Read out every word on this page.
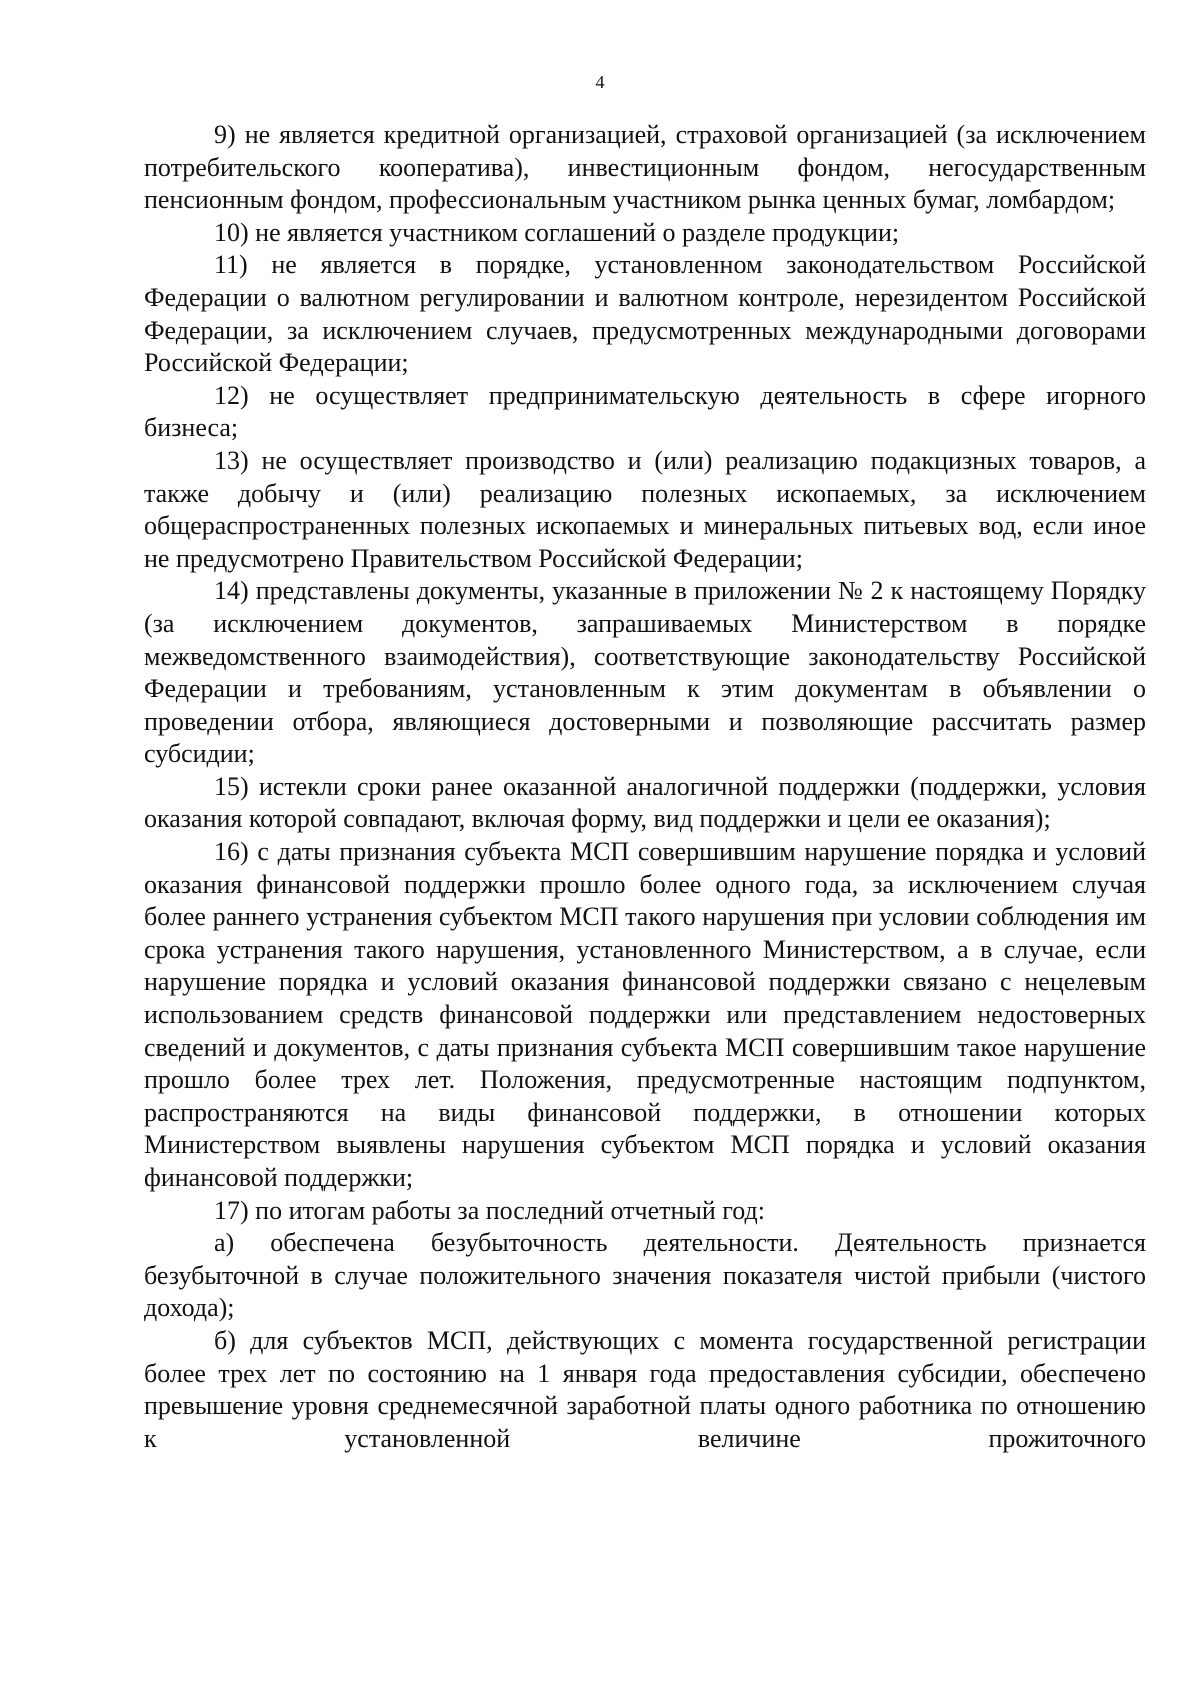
4

9) не является кредитной организацией, страховой организацией (за исключением потребительского кооператива), инвестиционным фондом, негосударственным пенсионным фондом, профессиональным участником рынка ценных бумаг, ломбардом;

10) не является участником соглашений о разделе продукции;

11) не является в порядке, установленном законодательством Российской Федерации о валютном регулировании и валютном контроле, нерезидентом Российской Федерации, за исключением случаев, предусмотренных международными договорами Российской Федерации;

12) не осуществляет предпринимательскую деятельность в сфере игорного бизнеса;

13) не осуществляет производство и (или) реализацию подакцизных товаров, а также добычу и (или) реализацию полезных ископаемых, за исключением общераспространенных полезных ископаемых и минеральных питьевых вод, если иное не предусмотрено Правительством Российской Федерации;

14) представлены документы, указанные в приложении № 2 к настоящему Порядку (за исключением документов, запрашиваемых Министерством в порядке межведомственного взаимодействия), соответствующие законодательству Российской Федерации и требованиям, установленным к этим документам в объявлении о проведении отбора, являющиеся достоверными и позволяющие рассчитать размер субсидии;

15) истекли сроки ранее оказанной аналогичной поддержки (поддержки, условия оказания которой совпадают, включая форму, вид поддержки и цели ее оказания);

16) с даты признания субъекта МСП совершившим нарушение порядка и условий оказания финансовой поддержки прошло более одного года, за исключением случая более раннего устранения субъектом МСП такого нарушения при условии соблюдения им срока устранения такого нарушения, установленного Министерством, а в случае, если нарушение порядка и условий оказания финансовой поддержки связано с нецелевым использованием средств финансовой поддержки или представлением недостоверных сведений и документов, с даты признания субъекта МСП совершившим такое нарушение прошло более трех лет. Положения, предусмотренные настоящим подпунктом, распространяются на виды финансовой поддержки, в отношении которых Министерством выявлены нарушения субъектом МСП порядка и условий оказания финансовой поддержки;

17) по итогам работы за последний отчетный год:

а) обеспечена безубыточность деятельности. Деятельность признается безубыточной в случае положительного значения показателя чистой прибыли (чистого дохода);

б) для субъектов МСП, действующих с момента государственной регистрации более трех лет по состоянию на 1 января года предоставления субсидии, обеспечено превышение уровня среднемесячной заработной платы одного работника по отношению к установленной величине прожиточного
